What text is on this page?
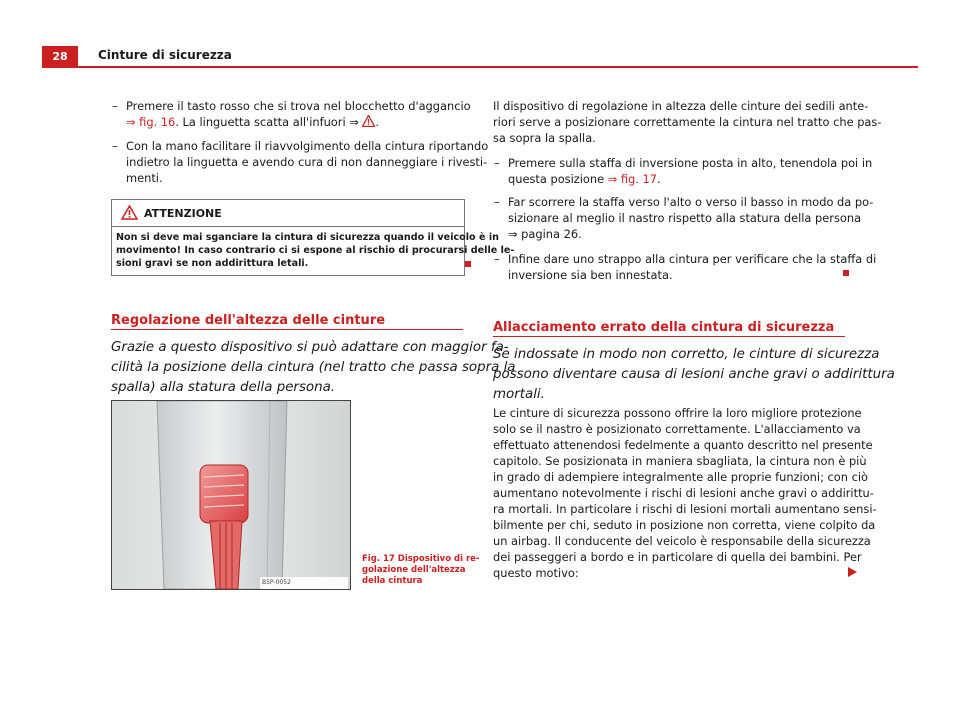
28	Cinture di sicurezza
– Premere il tasto rosso che si trova nel blocchetto d'aggancio
⇒ fig. 16. La linguetta scatta all'infuori ⇒ .
– Con la mano facilitare il riavvolgimento della cintura riportando
indietro la linguetta e avendo cura di non danneggiare i rivesti-
menti.
ATTENZIONE
Non si deve mai sganciare la cintura di sicurezza quando il veicolo è in
movimento! In caso contrario ci si espone al rischio di procurarsi delle le-
sioni gravi se non addirittura letali.
Regolazione dell'altezza delle cinture
Grazie a questo dispositivo si può adattare con maggior fa-
cilità la posizione della cintura (nel tratto che passa sopra la
spalla) alla statura della persona.
B5P-0052
Fig. 17 Dispositivo di re-
golazione dell'altezza
della cintura
Il dispositivo di regolazione in altezza delle cinture dei sedili ante-
riori serve a posizionare correttamente la cintura nel tratto che pas-
sa sopra la spalla.
– Premere sulla staffa di inversione posta in alto, tenendola poi in
questa posizione ⇒ fig. 17.
– Far scorrere la staffa verso l'alto o verso il basso in modo da po-
sizionare al meglio il nastro rispetto alla statura della persona
⇒ pagina 26.
– Infine dare uno strappo alla cintura per verificare che la staffa di
inversione sia ben innestata.
Allacciamento errato della cintura di sicurezza
Se indossate in modo non corretto, le cinture di sicurezza
possono diventare causa di lesioni anche gravi o addirittura
mortali.
Le cinture di sicurezza possono offrire la loro migliore protezione
solo se il nastro è posizionato correttamente. L'allacciamento va
effettuato attenendosi fedelmente a quanto descritto nel presente
capitolo. Se posizionata in maniera sbagliata, la cintura non è più
in grado di adempiere integralmente alle proprie funzioni; con ciò
aumentano notevolmente i rischi di lesioni anche gravi o addirittu-
ra mortali. In particolare i rischi di lesioni mortali aumentano sensi-
bilmente per chi, seduto in posizione non corretta, viene colpito da
un airbag. Il conducente del veicolo è responsabile della sicurezza
dei passeggeri a bordo e in particolare di quella dei bambini. Per
questo motivo:
